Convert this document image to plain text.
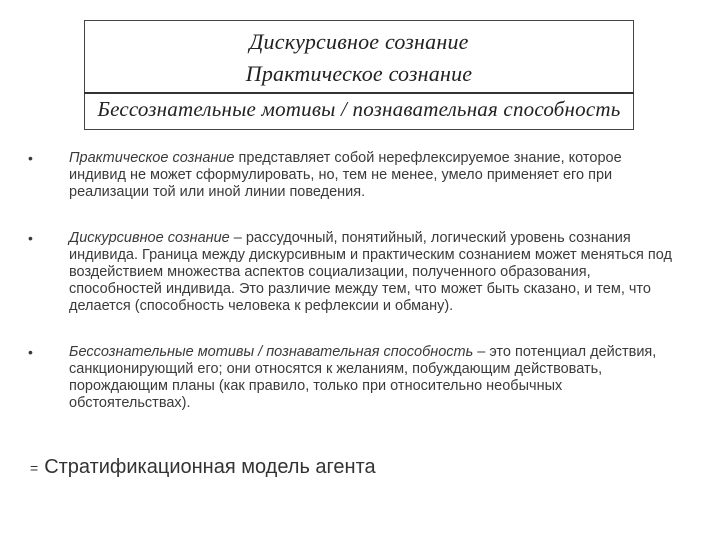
Дискурсивное сознание
Практическое сознание
Бессознательные мотивы / познавательная способность
• Практическое сознание представляет собой нерефлексируемое знание, которое индивид не может сформулировать, но, тем не менее, умело применяет его при реализации той или иной линии поведения.
• Дискурсивное сознание – рассудочный, понятийный, логический уровень сознания индивида. Граница между дискурсивным и практическим сознанием может меняться под воздействием множества аспектов социализации, полученного образования, способностей индивида. Это различие между тем, что может быть сказано, и тем, что делается (способность человека к рефлексии и обману).
• Бессознательные мотивы / познавательная способность – это потенциал действия, санкционирующий его; они относятся к желаниям, побуждающим действовать, порождающим планы (как правило, только при относительно необычных обстоятельствах).
= Стратификационная модель агента
